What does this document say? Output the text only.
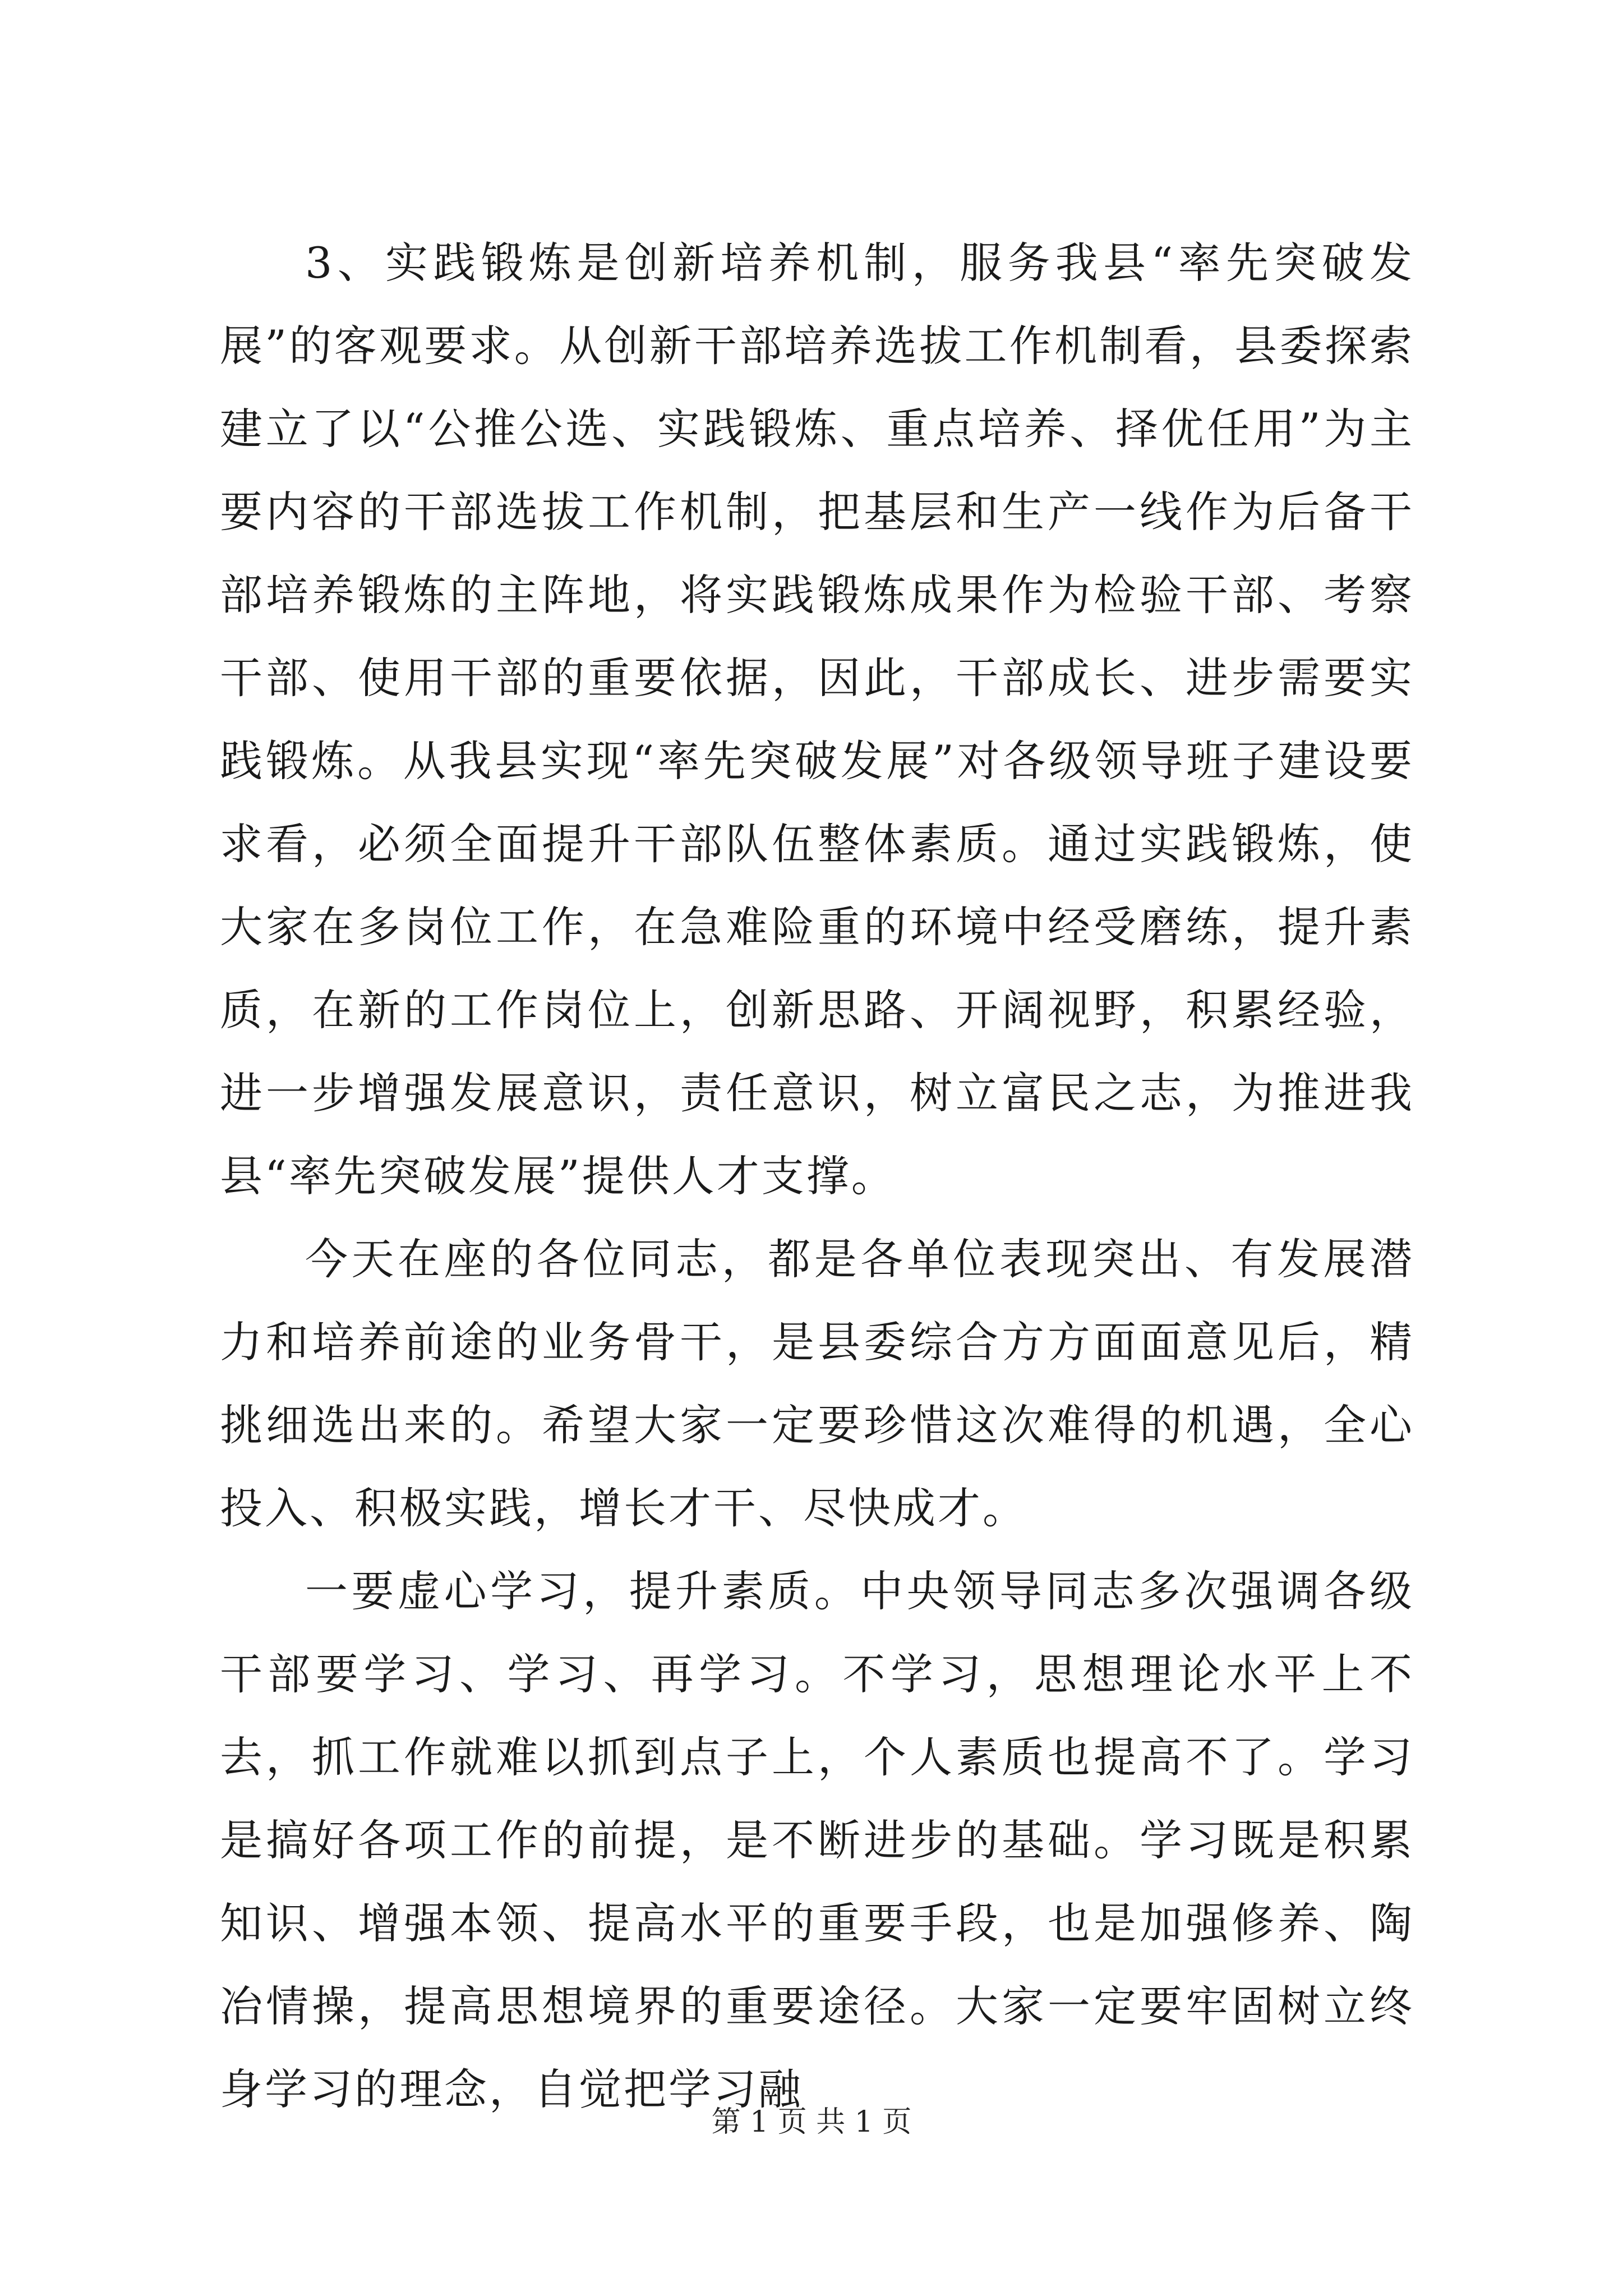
3、实践锻炼是创新培养机制，服务我县“率先突破发展”的客观要求。从创新干部培养选拔工作机制看，县委探索建立了以“公推公选、实践锻炼、重点培养、择优任用”为主要内容的干部选拔工作机制，把基层和生产一线作为后备干部培养锻炼的主阵地，将实践锻炼成果作为检验干部、考察干部、使用干部的重要依据，因此，干部成长、进步需要实践锻炼。从我县实现“率先突破发展”对各级领导班子建设要求看，必须全面提升干部队伍整体素质。通过实践锻炼，使大家在多岗位工作，在急难险重的环境中经受磨练，提升素质，在新的工作岗位上，创新思路、开阔视野，积累经验，进一步增强发展意识，责任意识，树立富民之志，为推进我县“率先突破发展”提供人才支撑。

今天在座的各位同志，都是各单位表现突出、有发展潜力和培养前途的业务骨干，是县委综合方方面面意见后，精挑细选出来的。希望大家一定要珍惜这次难得的机遇，全心投入、积极实践，增长才干、尽快成才。

一要虚心学习，提升素质。中央领导同志多次强调各级干部要学习、学习、再学习。不学习，思想理论水平上不去，抓工作就难以抓到点子上，个人素质也提高不了。学习是搞好各项工作的前提，是不断进步的基础。学习既是积累知识、增强本领、提高水平的重要手段，也是加强修养、陶冶情操，提高思想境界的重要途径。大家一定要牢固树立终身学习的理念，自觉把学习融

第 1 页 共 1 页
